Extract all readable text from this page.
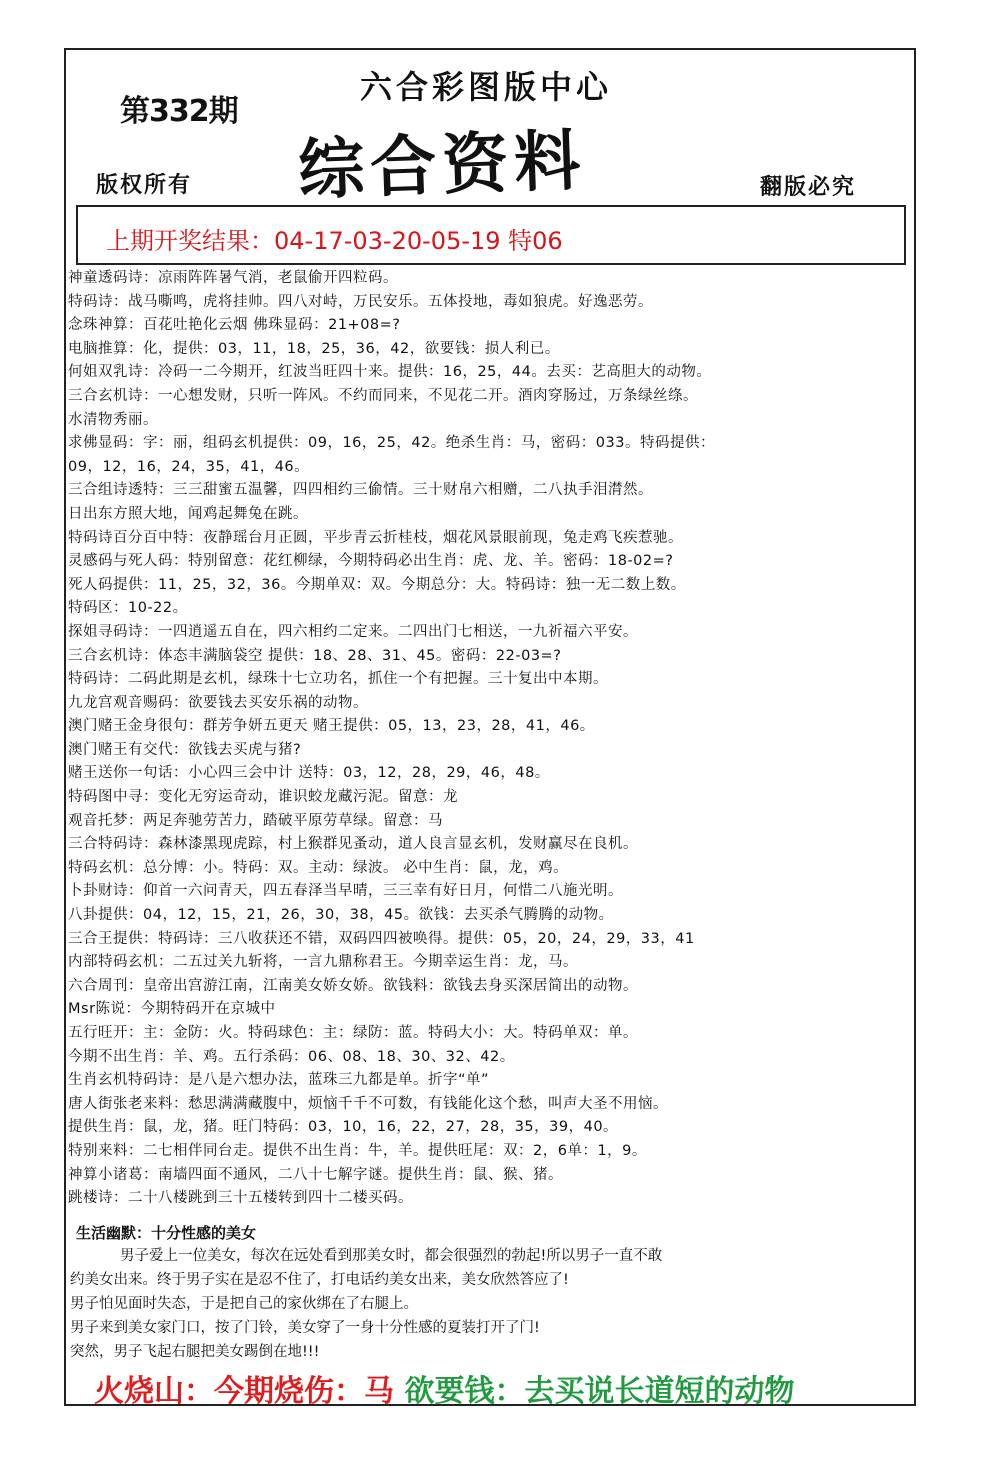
第332期
六合彩图版中心
综合资料
版权所有	翻版必究
上期开奖结果：04-17-03-20-05-19 特06
神童透码诗：凉雨阵阵暑气消，老鼠偷开四粒码。
特码诗：战马嘶鸣，虎将挂帅。四八对峙，万民安乐。五体投地，毒如狼虎。好逸恶劳。
念珠神算：百花吐艳化云烟 佛珠显码：21+08=?
电脑推算：化，提供：03，11，18，25，36，42，欲要钱：损人利已。
何姐双乳诗：冷码一二今期开，红波当旺四十来。提供：16，25，44。去买：艺高胆大的动物。
三合玄机诗：一心想发财，只听一阵风。不约而同来，不见花二开。酒肉穿肠过，万条绿丝绦。
水清物秀丽。
求佛显码：字：丽，组码玄机提供：09，16，25，42。绝杀生肖：马，密码：033。特码提供：
09，12，16，24，35，41，46。
三合组诗透特：三三甜蜜五温馨，四四相约三偷情。三十财帛六相赠，二八执手泪潸然。
日出东方照大地，闻鸡起舞兔在跳。
特码诗百分百中特：夜静瑶台月正圆，平步青云折桂枝，烟花风景眼前现，兔走鸡飞疾惹驰。
灵感码与死人码：特别留意：花红柳绿，今期特码必出生肖：虎、龙、羊。密码：18-02=?
死人码提供：11，25，32，36。今期单双：双。今期总分：大。特码诗：独一无二数上数。
特码区：10-22。
探姐寻码诗：一四逍遥五自在，四六相约二定来。二四出门七相送，一九祈福六平安。
三合玄机诗：体态丰满脑袋空 提供：18、28、31、45。密码：22-03=?
特码诗：二码此期是玄机，绿珠十七立功名，抓住一个有把握。三十复出中本期。
九龙宫观音赐码：欲要钱去买安乐祸的动物。
澳门赌王金身很句：群芳争妍五更天 赌王提供：05，13，23，28，41，46。
澳门赌王有交代：欲钱去买虎与猪?
赌王送你一句话：小心四三会中计 送特：03，12，28，29，46，48。
特码图中寻：变化无穷运奇动，谁识蛟龙藏污泥。留意：龙
观音托梦：两足奔驰劳苦力，踏破平原劳草绿。留意：马
三合特码诗：森林漆黑现虎踪，村上猴群见蚤动，道人良言显玄机，发财赢尽在良机。
特码玄机：总分博：小。特码：双。主动：绿波。 必中生肖：鼠，龙，鸡。
卜卦财诗：仰首一六问青天，四五春泽当早晴，三三幸有好日月，何惜二八施光明。
八卦提供：04，12，15，21，26，30，38，45。欲钱：去买杀气腾腾的动物。
三合王提供：特码诗：三八收获还不错，双码四四被唤得。提供：05，20，24，29，33，41
内部特码玄机：二五过关九斩将，一言九鼎称君王。今期幸运生肖：龙，马。
六合周刊：皇帝出宫游江南，江南美女娇女娇。欲钱料：欲钱去身买深居简出的动物。
Msr陈说：今期特码开在京城中
五行旺开：主：金防：火。特码球色：主：绿防：蓝。特码大小：大。特码单双：单。
今期不出生肖：羊、鸡。五行杀码：06、08、18、30、32、42。
生肖玄机特码诗：是八是六想办法，蓝珠三九都是单。折字“单”
唐人街张老来料：愁思满满藏腹中，烦恼千千不可数，有钱能化这个愁，叫声大圣不用恼。
提供生肖：鼠，龙，猪。旺门特码：03，10，16，22，27，28，35，39，40。
特别来料：二七相伴同台走。提供不出生肖：牛，羊。提供旺尾：双：2，6单：1，9。
神算小诸葛：南墙四面不通风，二八十七解字谜。提供生肖：鼠、猴、猪。
跳楼诗：二十八楼跳到三十五楼转到四十二楼买码。
生活幽默：十分性感的美女
男子爱上一位美女，每次在远处看到那美女时，都会很强烈的勃起!所以男子一直不敢
约美女出来。终于男子实在是忍不住了，打电话约美女出来，美女欣然答应了!
男子怕见面时失态，于是把自己的家伙绑在了右腿上。
男子来到美女家门口，按了门铃，美女穿了一身十分性感的夏装打开了门!
突然，男子飞起右腿把美女踢倒在地!!!
火烧山：今期烧伤：马 欲要钱：去买说长道短的动物
